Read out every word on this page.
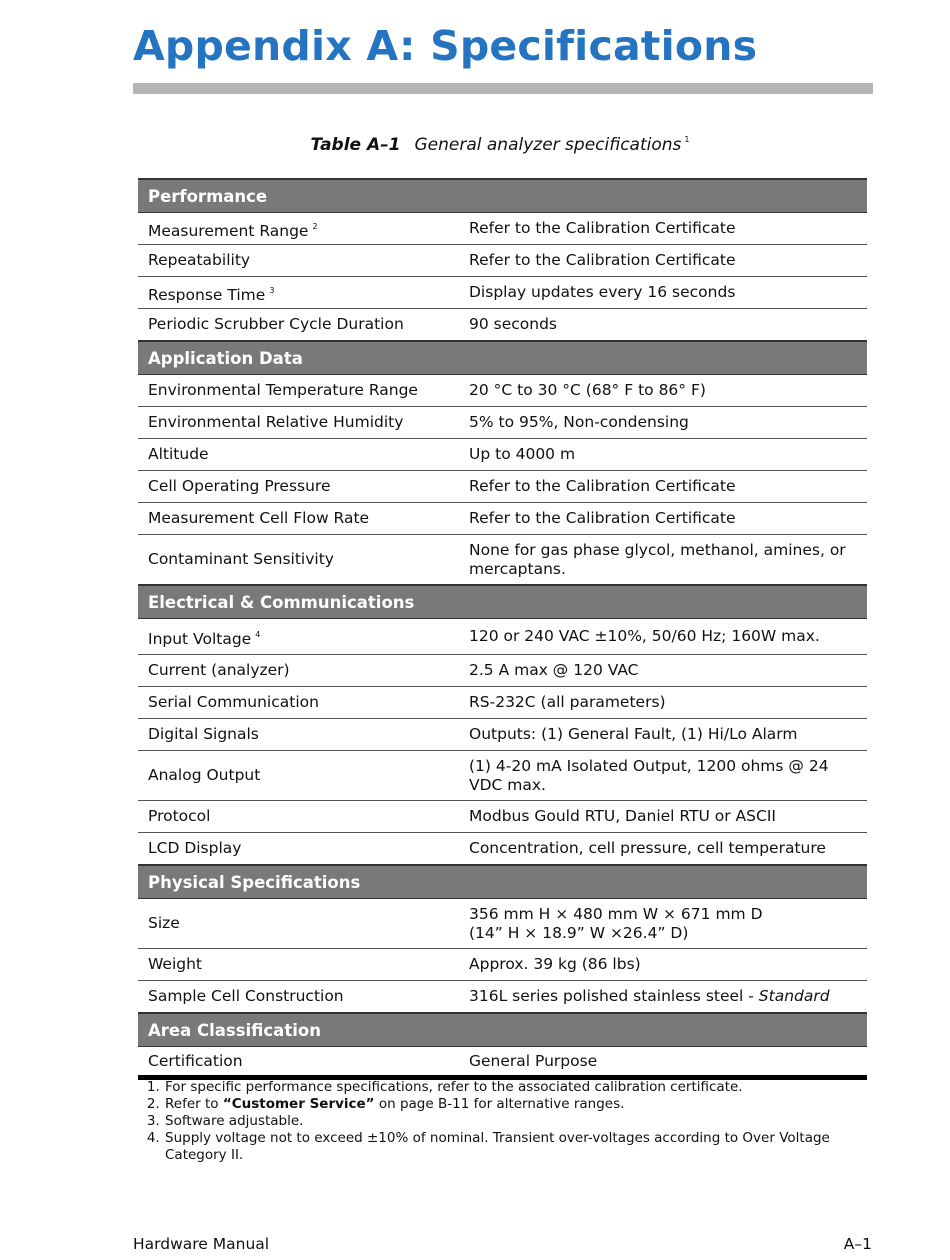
Appendix A: Specifications
Table A–1 General analyzer specifications $^1$
Performance	
Measurement Range $^2$	Refer to the Calibration Certificate
Repeatability	Refer to the Calibration Certificate
Response Time $^3$	Display updates every 16 seconds
Periodic Scrubber Cycle Duration	90 seconds
Application Data	
Environmental Temperature Range	20 °C to 30 °C (68° F to 86° F)
Environmental Relative Humidity	5% to 95%, Non-condensing
Altitude	Up to 4000 m
Cell Operating Pressure	Refer to the Calibration Certificate
Measurement Cell Flow Rate	Refer to the Calibration Certificate
Contaminant Sensitivity	None for gas phase glycol, methanol, amines, or mercaptans.
Electrical & Communications	
Input Voltage $^4$	120 or 240 VAC ±10%, 50/60 Hz; 160W max.
Current (analyzer)	2.5 A max @ 120 VAC
Serial Communication	RS-232C (all parameters)
Digital Signals	Outputs: (1) General Fault, (1) Hi/Lo Alarm
Analog Output	(1) 4-20 mA Isolated Output, 1200 ohms @ 24 VDC max.
Protocol	Modbus Gould RTU, Daniel RTU or ASCII
LCD Display	Concentration, cell pressure, cell temperature
Physical Specifications	
Size	356 mm H × 480 mm W × 671 mm D
(14” H × 18.9” W ×26.4” D)
Weight	Approx. 39 kg (86 lbs)
Sample Cell Construction	316L series polished stainless steel - Standard
Area Classification	
Certification	General Purpose
1. For specific performance specifications, refer to the associated calibration certificate.
2. Refer to “Customer Service” on page B-11 for alternative ranges.
3. Software adjustable.
4. Supply voltage not to exceed ±10% of nominal. Transient over-voltages according to Over Voltage Category II.
Hardware Manual	A–1
